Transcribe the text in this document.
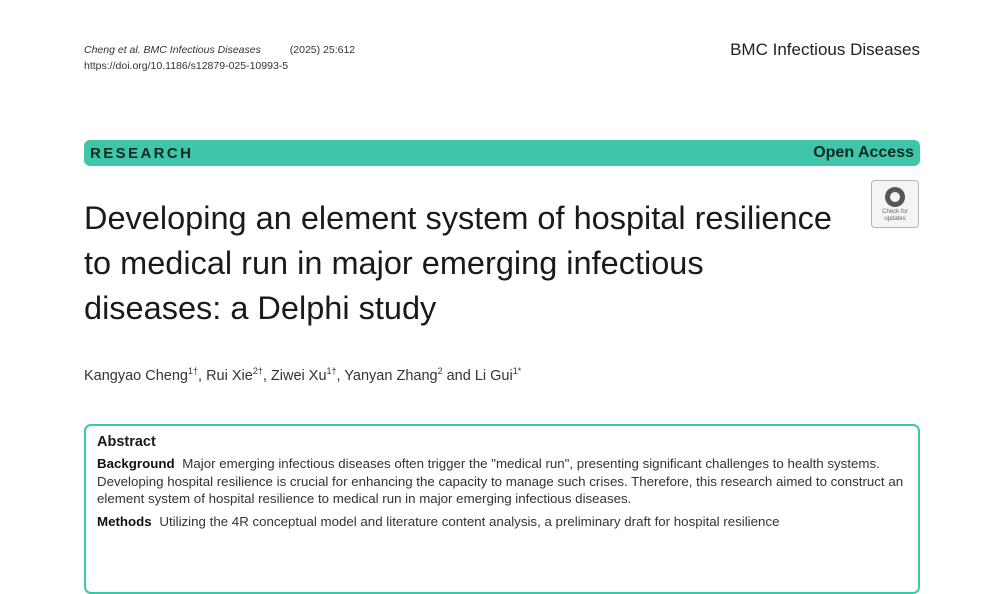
Cheng et al. BMC Infectious Diseases	(2025) 25:612
https://doi.org/10.1186/s12879-025-10993-5
BMC Infectious Diseases
RESEARCH	Open Access
Check for updates
Developing an element system of hospital resilience to medical run in major emerging infectious diseases: a Delphi study
Kangyao Cheng$^{1\dagger}$, Rui Xie$^{2\dagger}$, Ziwei $Xu^{1\dagger}$, Yanyan Zhang$^2$ and Li Gui$^{1*}$
Abstract

Background Major emerging infectious diseases often trigger the "medical run", presenting significant challenges to health systems. Developing hospital resilience is crucial for enhancing the capacity to manage such crises. Therefore, this research aimed to construct an element system of hospital resilience to medical run in major emerging infectious diseases.

Methods Utilizing the 4R conceptual model and literature content analysis, a preliminary draft for hospital resilience
